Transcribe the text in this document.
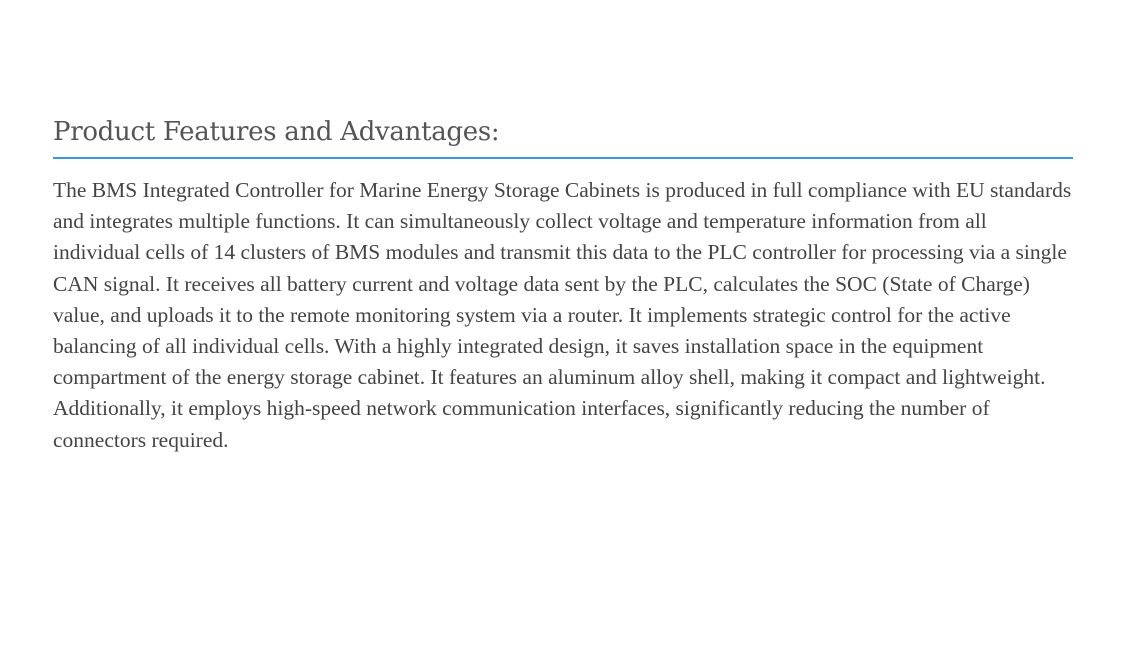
Product Features and Advantages:

The BMS Integrated Controller for Marine Energy Storage Cabinets is produced in full compliance with EU standards and integrates multiple functions. It can simultaneously collect voltage and temperature information from all individual cells of 14 clusters of BMS modules and transmit this data to the PLC controller for processing via a single CAN signal. It receives all battery current and voltage data sent by the PLC, calculates the SOC (State of Charge) value, and uploads it to the remote monitoring system via a router. It implements strategic control for the active balancing of all individual cells. With a highly integrated design, it saves installation space in the equipment compartment of the energy storage cabinet. It features an aluminum alloy shell, making it compact and lightweight. Additionally, it employs high-speed network communication interfaces, significantly reducing the number of connectors required.
